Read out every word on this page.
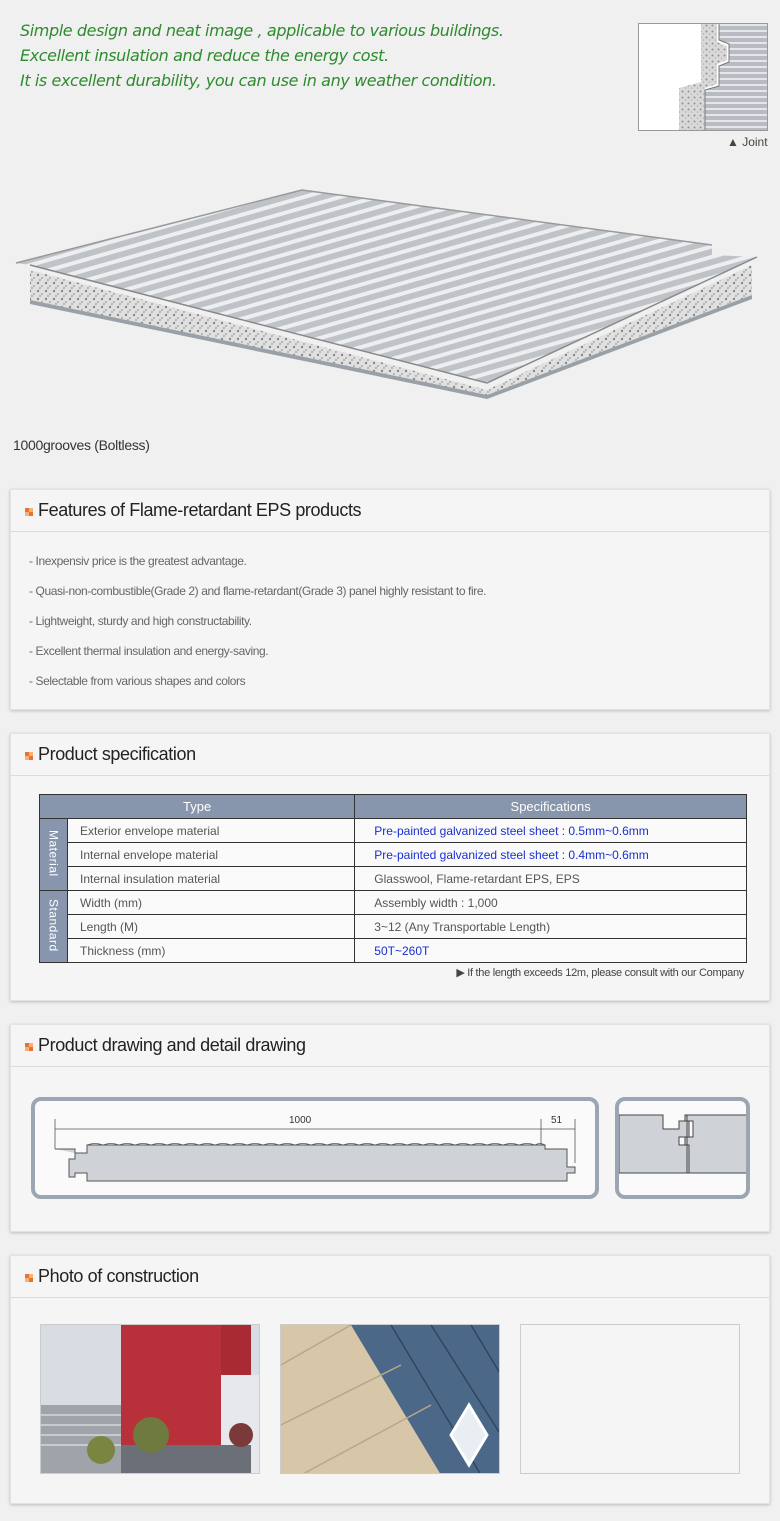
Simple design and neat image , applicable to various buildings.

Excellent insulation and reduce the energy cost.

It is excellent durability, you can use in any weather condition.

▲ Joint
1000grooves (Boltless)
Features of Flame-retardant EPS products
- Inexpensiv price is the greatest advantage.
- Quasi-non-combustible(Grade 2) and flame-retardant(Grade 3) panel highly resistant to fire.
- Lightweight, sturdy and high constructability.
- Excellent thermal insulation and energy-saving.
- Selectable from various shapes and colors
Product specification
Type		Specifications
Material	Exterior envelope material	Pre-painted galvanized steel sheet : 0.5mm~0.6mm
	Internal envelope material	Pre-painted galvanized steel sheet : 0.4mm~0.6mm
	Internal insulation material	Glasswool, Flame-retardant EPS, EPS
Standard	Width (mm)	Assembly width : 1,000
	Length (M)	3~12 (Any Transportable Length)
	Thickness (mm)	50T~260T
▶ If the length exceeds 12m, please consult with our Company
Product drawing and detail drawing
1000	51
Photo of construction
